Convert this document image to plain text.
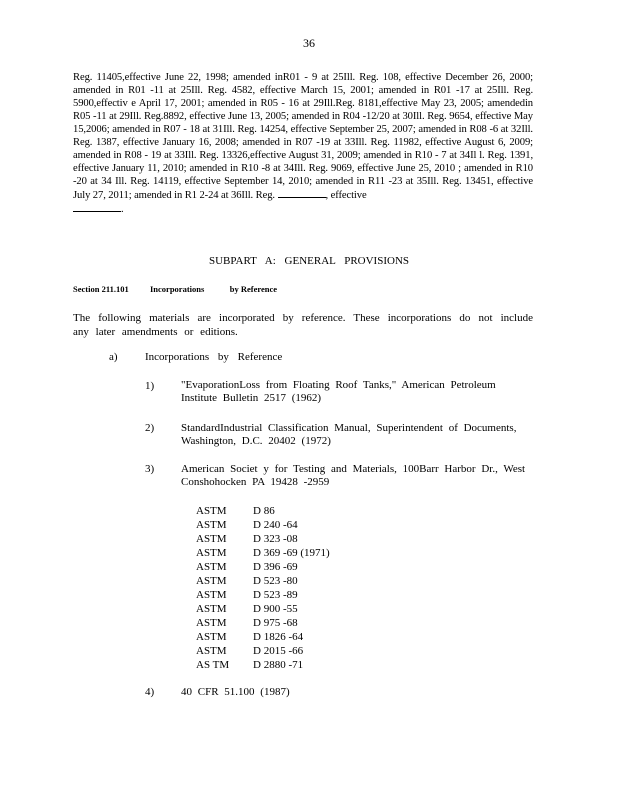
36
Reg. 11405,effective June 22, 1998; amended inR01 - 9 at 25Ill. Reg. 108, effective December 26, 2000; amended in R01 -11 at 25Ill. Reg. 4582, effective March 15, 2001; amended in R01 -17 at 25Ill. Reg. 5900,effectiv e April 17, 2001; amended in R05 - 16 at 29Ill.Reg. 8181,effective May 23, 2005; amendedin R05 -11 at 29Ill. Reg.8892, effective June 13, 2005; amended in R04 -12/20 at 30Ill. Reg. 9654, effective May 15,2006; amended in R07 - 18 at 31Ill. Reg. 14254, effective September 25, 2007; amended in R08 -6 at 32Ill. Reg. 1387, effective January 16, 2008; amended in R07 -19 at 33Ill. Reg. 11982, effective August 6, 2009; amended in R08 - 19 at 33Ill. Reg. 13326,effective August 31, 2009; amended in R10 - 7 at 34Il l. Reg. 1391, effective January 11, 2010; amended in R10 -8 at 34Ill. Reg. 9069, effective June 25, 2010 ; amended in R10 -20 at 34 Ill. Reg. 14119, effective September 14, 2010; amended in R11 -23 at 35Ill. Reg. 13451, effective July 27, 2011; amended in R1 2-24 at 36Ill. Reg.	, effective
.
SUBPART A: GENERAL PROVISIONS
Section 211.101	Incorporations	by Reference
The following materials are incorporated by reference. These incorporations do not include any later amendments or editions.
a) Incorporations by Reference
1) "EvaporationLoss from Floating Roof Tanks," American Petroleum
Institute Bulletin 2517 (1962)
2) StandardIndustrial Classification Manual, Superintendent of Documents,
Washington, D.C. 20402 (1972)
3) American Societ y for Testing and Materials, 100Barr Harbor Dr., West
Conshohocken PA 19428 -2959
ASTM	D 86
ASTM	D 240 -64
ASTM	D 323 -08
ASTM	D 369 -69 (1971)
ASTM	D 396 -69
ASTM	D 523 -80
ASTM	D 523 -89
ASTM	D 900 -55
ASTM	D 975 -68
ASTM	D 1826 -64
ASTM	D 2015 -66
AS TM	D 2880 -71
4) 40 CFR 51.100 (1987)
